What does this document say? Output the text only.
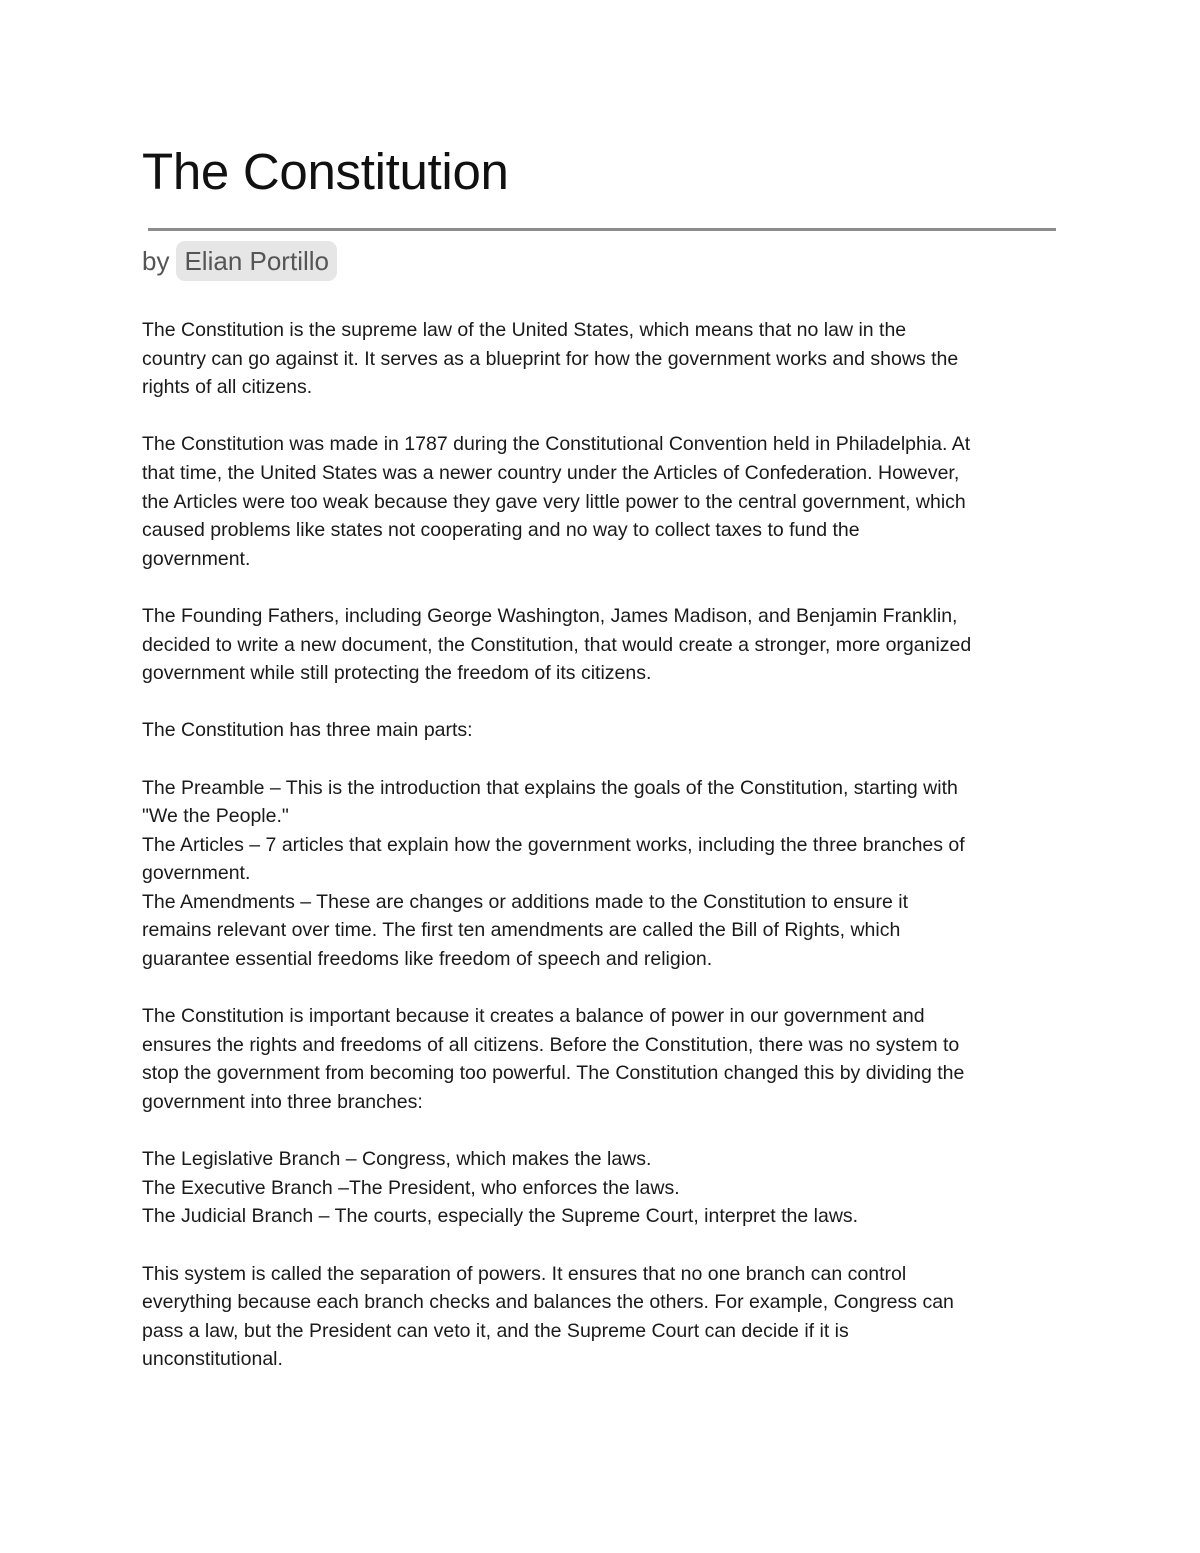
The Constitution
by Elian Portillo
The Constitution is the supreme law of the United States, which means that no law in the
country can go against it. It serves as a blueprint for how the government works and shows the
rights of all citizens.
The Constitution was made in 1787 during the Constitutional Convention held in Philadelphia. At
that time, the United States was a newer country under the Articles of Confederation. However,
the Articles were too weak because they gave very little power to the central government, which
caused problems like states not cooperating and no way to collect taxes to fund the
government.
The Founding Fathers, including George Washington, James Madison, and Benjamin Franklin,
decided to write a new document, the Constitution, that would create a stronger, more organized
government while still protecting the freedom of its citizens.
The Constitution has three main parts:
The Preamble – This is the introduction that explains the goals of the Constitution, starting with
"We the People."
The Articles – 7 articles that explain how the government works, including the three branches of
government.
The Amendments – These are changes or additions made to the Constitution to ensure it
remains relevant over time. The first ten amendments are called the Bill of Rights, which
guarantee essential freedoms like freedom of speech and religion.
The Constitution is important because it creates a balance of power in our government and
ensures the rights and freedoms of all citizens. Before the Constitution, there was no system to
stop the government from becoming too powerful. The Constitution changed this by dividing the
government into three branches:
The Legislative Branch – Congress, which makes the laws.
The Executive Branch –The President, who enforces the laws.
The Judicial Branch – The courts, especially the Supreme Court, interpret the laws.
This system is called the separation of powers. It ensures that no one branch can control
everything because each branch checks and balances the others. For example, Congress can
pass a law, but the President can veto it, and the Supreme Court can decide if it is
unconstitutional.
